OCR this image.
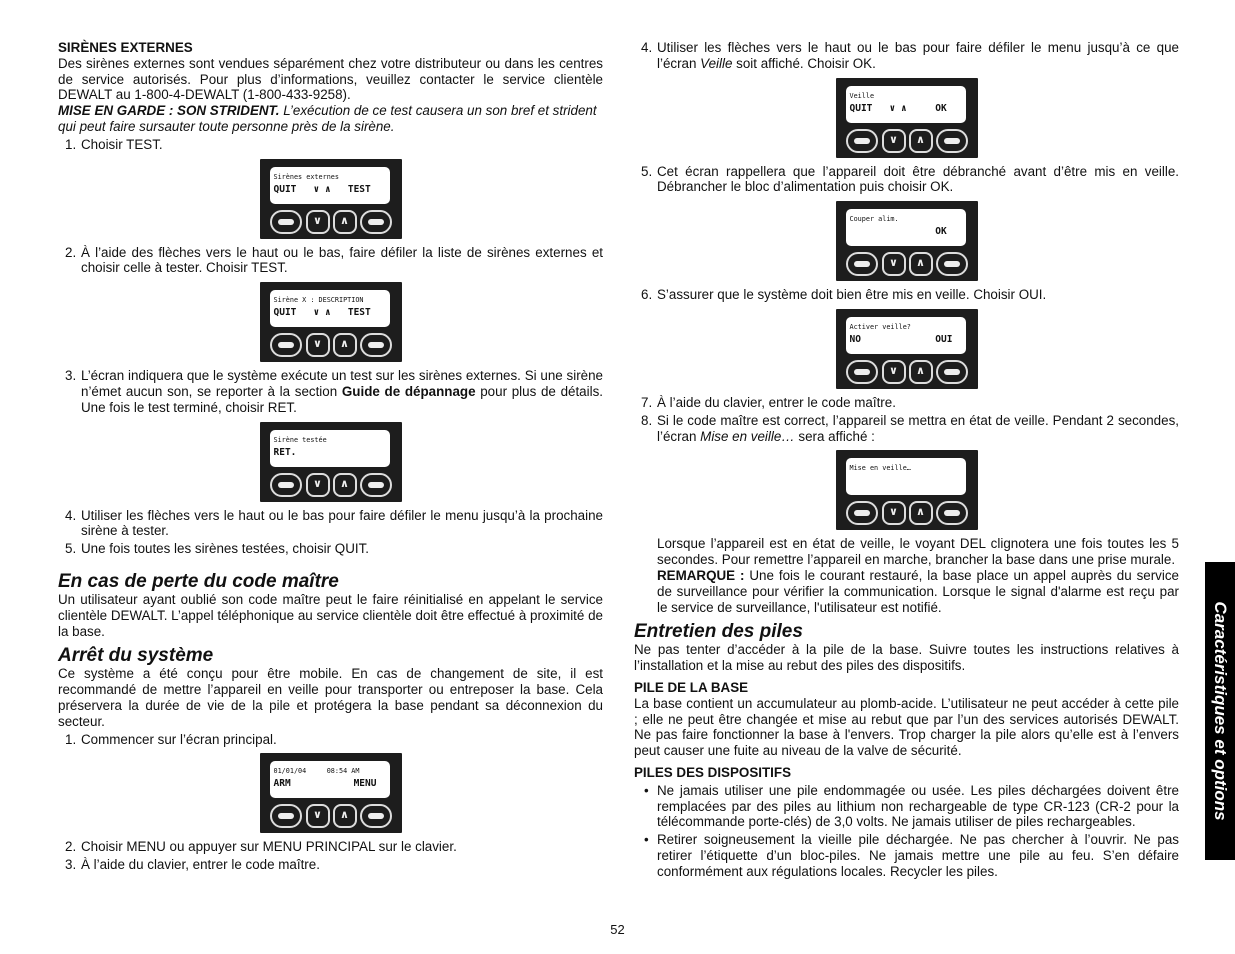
SIRÈNES EXTERNES

Des sirènes externes sont vendues séparément chez votre distributeur ou dans les centres de service autorisés. Pour plus d’informations, veuillez contacter le service clientèle DEWALT au 1-800-4-DEWALT (1-800-433-9258).

MISE EN GARDE : SON STRIDENT. L’exécution de ce test causera un son bref et strident qui peut faire sursauter toute personne près de la sirène.

1. Choisir TEST.
Sirènes externes
QUIT   ∨ ∧   TEST
∨	∧
2. À l’aide des flèches vers le haut ou le bas, faire défiler la liste de sirènes externes et choisir celle à tester. Choisir TEST.
Sirène X : DESCRIPTION
QUIT   ∨ ∧   TEST
∨	∧
3. L’écran indiquera que le système exécute un test sur les sirènes externes. Si une sirène n’émet aucun son, se reporter à la section Guide de dépannage pour plus de détails. Une fois le test terminé, choisir RET.
Sirène testée
RET.
∨	∧
4. Utiliser les flèches vers le haut ou le bas pour faire défiler le menu jusqu’à la prochaine sirène à tester.
5. Une fois toutes les sirènes testées, choisir QUIT.

En cas de perte du code maître

Un utilisateur ayant oublié son code maître peut le faire réinitialisé en appelant le service clientèle DEWALT. L’appel téléphonique au service clientèle doit être effectué à proximité de la base.

Arrêt du système

Ce système a été conçu pour être mobile. En cas de changement de site, il est recommandé de mettre l’appareil en veille pour transporter ou entreposer la base. Cela préservera la durée de vie de la pile et protégera la base pendant sa déconnexion du secteur.

1. Commencer sur l’écran principal.
01/01/04     08:54 AM
ARM           MENU
∨	∧
2. Choisir MENU ou appuyer sur MENU PRINCIPAL sur le clavier.
3. À l’aide du clavier, entrer le code maître.
4. Utiliser les flèches vers le haut ou le bas pour faire défiler le menu jusqu’à ce que l’écran Veille soit affiché. Choisir OK.
Veille
QUIT   ∨ ∧     OK
∨	∧
5. Cet écran rappellera que l’appareil doit être débranché avant d’être mis en veille. Débrancher le bloc d’alimentation puis choisir OK.
Couper alim.
OK
∨	∧
6. S’assurer que le système doit bien être mis en veille. Choisir OUI.
Activer veille?
NO             OUI
∨	∧
7. À l’aide du clavier, entrer le code maître.
8. Si le code maître est correct, l’appareil se mettra en état de veille. Pendant 2 secondes, l’écran Mise en veille… sera affiché :
Mise en veille…
∨	∧

Lorsque l’appareil est en état de veille, le voyant DEL clignotera une fois toutes les 5 secondes. Pour remettre l’appareil en marche, brancher la base dans une prise murale.

REMARQUE : Une fois le courant restauré, la base place un appel auprès du service de surveillance pour vérifier la communication. Lorsque le signal d'alarme est reçu par le service de surveillance, l'utilisateur est notifié.

Entretien des piles

Ne pas tenter d’accéder à la pile de la base. Suivre toutes les instructions relatives à l’installation et la mise au rebut des piles des dispositifs.

PILE DE LA BASE

La base contient un accumulateur au plomb-acide. L’utilisateur ne peut accéder à cette pile ; elle ne peut être changée et mise au rebut que par l’un des services autorisés DEWALT. Ne pas faire fonctionner la base à l'envers. Trop charger la pile alors qu’elle est à l’envers peut causer une fuite au niveau de la valve de sécurité.

PILES DES DISPOSITIFS

• Ne jamais utiliser une pile endommagée ou usée. Les piles déchargées doivent être remplacées par des piles au lithium non rechargeable de type CR-123 (CR-2 pour la télécommande porte-clés) de 3,0 volts. Ne jamais utiliser de piles rechargeables.
• Retirer soigneusement la vieille pile déchargée. Ne pas chercher à l’ouvrir. Ne pas retirer l’étiquette d’un bloc-piles. Ne jamais mettre une pile au feu. S’en défaire conformément aux régulations locales. Recycler les piles.
Caractéristiques et options
52
